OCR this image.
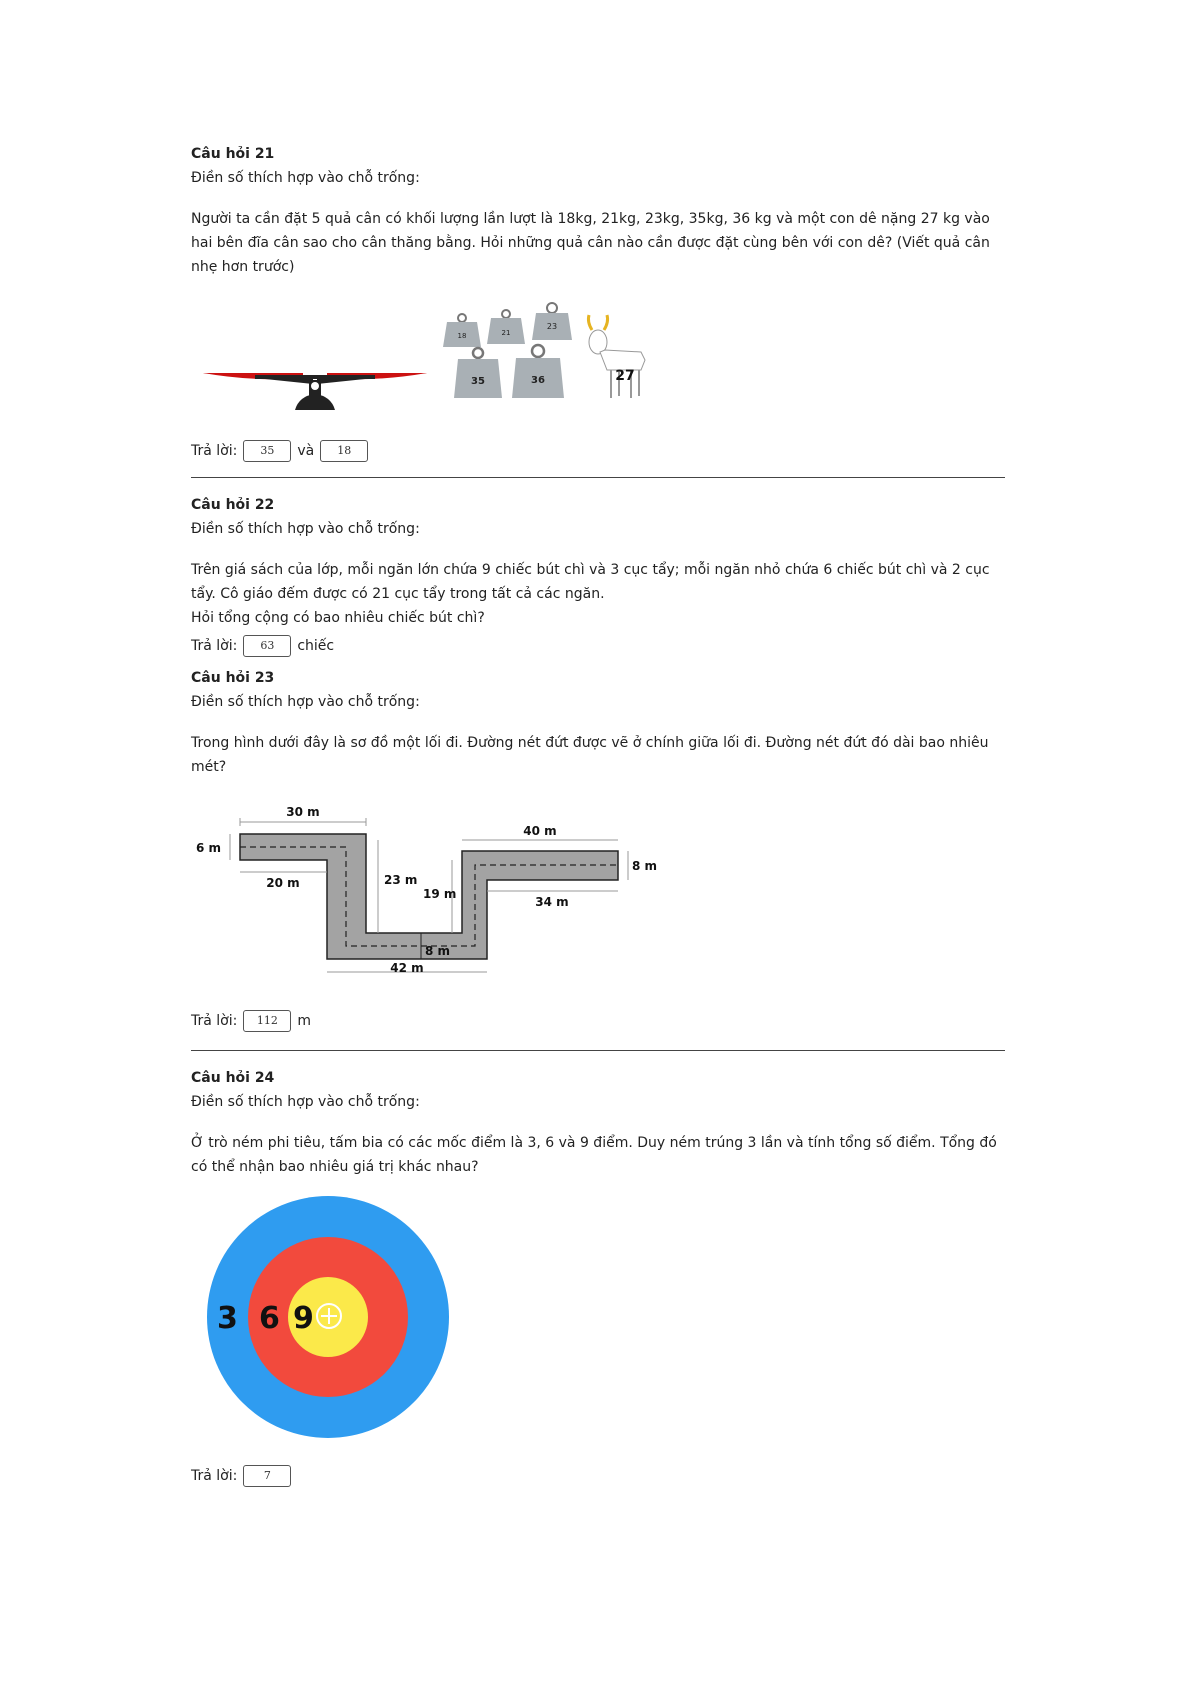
Câu hỏi 21
Điền số thích hợp vào chỗ trống:
Người ta cần đặt 5 quả cân có khối lượng lần lượt là 18kg, 21kg, 23kg, 35kg, 36 kg và một con dê nặng 27 kg vào hai bên đĩa cân sao cho cân thăng bằng. Hỏi những quả cân nào cần được đặt cùng bên với con dê? (Viết quả cân nhẹ hơn trước)
18	21
23
35	36	27
Trả lời:	35	và	18
Câu hỏi 22
Điền số thích hợp vào chỗ trống:
Trên giá sách của lớp, mỗi ngăn lớn chứa 9 chiếc bút chì và 3 cục tẩy; mỗi ngăn nhỏ chứa 6 chiếc bút chì và 2 cục tẩy. Cô giáo đếm được có 21 cục tẩy trong tất cả các ngăn.
Hỏi tổng cộng có bao nhiêu chiếc bút chì?
Trả lời:	63	chiếc
Câu hỏi 23
Điền số thích hợp vào chỗ trống:
Trong hình dưới đây là sơ đồ một lối đi. Đường nét đứt được vẽ ở chính giữa lối đi. Đường nét đứt đó dài bao nhiêu mét?
30 m
6 m
20 m	23 m
19 m
40 m
8 m
34 m
8 m
42 m
Trả lời:	112	m
Câu hỏi 24
Điền số thích hợp vào chỗ trống:
Ở trò ném phi tiêu, tấm bia có các mốc điểm là 3, 6 và 9 điểm. Duy ném trúng 3 lần và tính tổng số điểm. Tổng đó có thể nhận bao nhiêu giá trị khác nhau?
3 6 9
Trả lời:	7
